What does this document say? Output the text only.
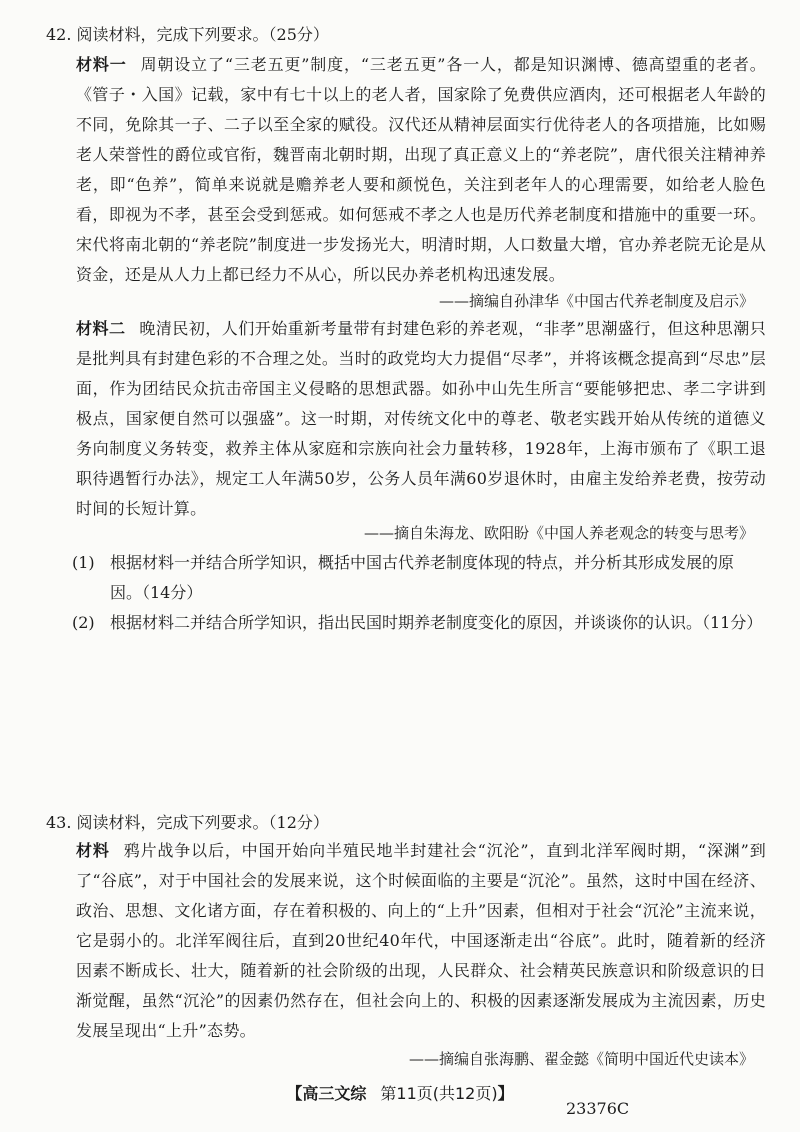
42. 阅读材料，完成下列要求。（25分）
材料一 周朝设立了“三老五更”制度，“三老五更”各一人，都是知识渊博、德高望重的老者。《管子・入国》记载，家中有七十以上的老人者，国家除了免费供应酒肉，还可根据老人年龄的不同，免除其一子、二子以至全家的赋役。汉代还从精神层面实行优待老人的各项措施，比如赐老人荣誉性的爵位或官衔，魏晋南北朝时期，出现了真正意义上的“养老院”，唐代很关注精神养老，即“色养”，简单来说就是赡养老人要和颜悦色，关注到老年人的心理需要，如给老人脸色看，即视为不孝，甚至会受到惩戒。如何惩戒不孝之人也是历代养老制度和措施中的重要一环。宋代将南北朝的“养老院”制度进一步发扬光大，明清时期，人口数量大增，官办养老院无论是从资金，还是从人力上都已经力不从心，所以民办养老机构迅速发展。
——摘编自孙津华《中国古代养老制度及启示》
材料二 晚清民初，人们开始重新考量带有封建色彩的养老观，“非孝”思潮盛行，但这种思潮只是批判具有封建色彩的不合理之处。当时的政党均大力提倡“尽孝”，并将该概念提高到“尽忠”层面，作为团结民众抗击帝国主义侵略的思想武器。如孙中山先生所言“要能够把忠、孝二字讲到极点，国家便自然可以强盛”。这一时期，对传统文化中的尊老、敬老实践开始从传统的道德义务向制度义务转变，救养主体从家庭和宗族向社会力量转移，1928年，上海市颁布了《职工退职待遇暂行办法》，规定工人年满50岁，公务人员年满60岁退休时，由雇主发给养老费，按劳动时间的长短计算。
——摘自朱海龙、欧阳盼《中国人养老观念的转变与思考》
(1) 根据材料一并结合所学知识，概括中国古代养老制度体现的特点，并分析其形成发展的原因。（14分）
(2) 根据材料二并结合所学知识，指出民国时期养老制度变化的原因，并谈谈你的认识。（11分）
43. 阅读材料，完成下列要求。（12分）
材料 鸦片战争以后，中国开始向半殖民地半封建社会“沉沦”，直到北洋军阀时期，“深渊”到了“谷底”，对于中国社会的发展来说，这个时候面临的主要是“沉沦”。虽然，这时中国在经济、政治、思想、文化诸方面，存在着积极的、向上的“上升”因素，但相对于社会“沉沦”主流来说，它是弱小的。北洋军阀往后，直到20世纪40年代，中国逐渐走出“谷底”。此时，随着新的经济因素不断成长、壮大，随着新的社会阶级的出现，人民群众、社会精英民族意识和阶级意识的日渐觉醒，虽然“沉沦”的因素仍然存在，但社会向上的、积极的因素逐渐发展成为主流因素，历史发展呈现出“上升”态势。
——摘编自张海鹏、翟金懿《简明中国近代史读本》
【高三文综 第11页(共12页)】
23376C
